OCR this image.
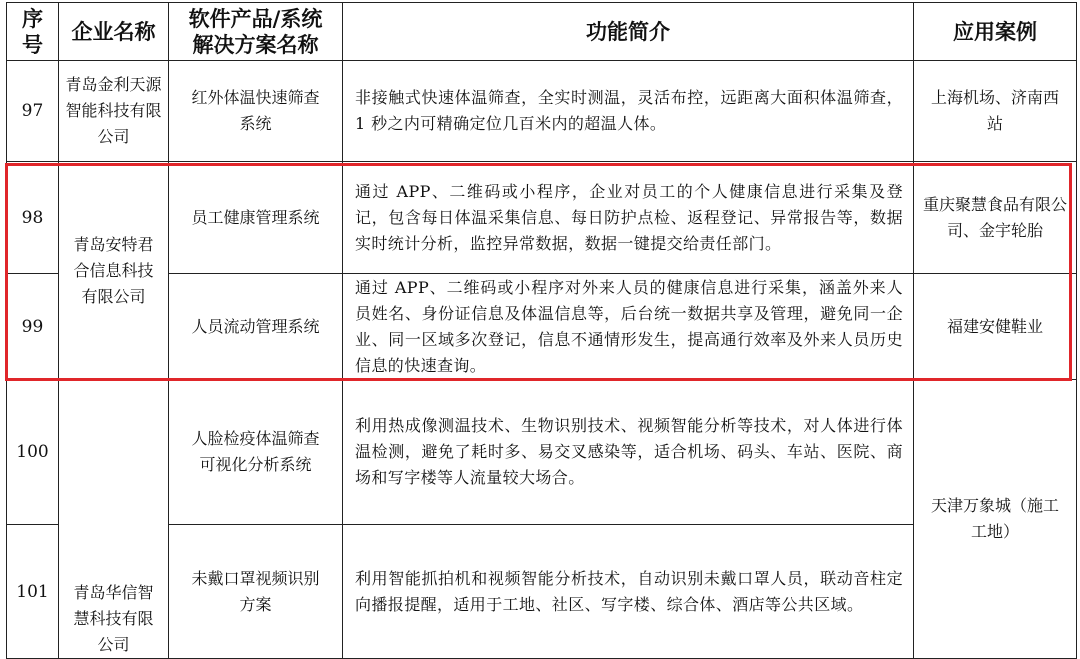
序号	企业名称	软件产品/系统解决方案名称	功能简介	应用案例
97	青岛金利天源智能科技有限公司	红外体温快速筛查系统	非接触式快速体温筛查，全实时测温，灵活布控，远距离大面积体温筛查，1 秒之内可精确定位几百米内的超温人体。	上海机场、济南西站
98	青岛安特君合信息科技有限公司	员工健康管理系统	通过 APP、二维码或小程序，企业对员工的个人健康信息进行采集及登记，包含每日体温采集信息、每日防护点检、返程登记、异常报告等，数据实时统计分析，监控异常数据，数据一键提交给责任部门。	重庆聚慧食品有限公司、金宇轮胎
99		人员流动管理系统	通过 APP、二维码或小程序对外来人员的健康信息进行采集，涵盖外来人员姓名、身份证信息及体温信息等，后台统一数据共享及管理，避免同一企业、同一区域多次登记，信息不通情形发生，提高通行效率及外来人员历史信息的快速查询。	福建安健鞋业
100	青岛华信智慧科技有限公司	人脸检疫体温筛查可视化分析系统	利用热成像测温技术、生物识别技术、视频智能分析等技术，对人体进行体温检测，避免了耗时多、易交叉感染等，适合机场、码头、车站、医院、商场和写字楼等人流量较大场合。	天津万象城（施工工地）
101		未戴口罩视频识别方案	利用智能抓拍机和视频智能分析技术，自动识别未戴口罩人员，联动音柱定向播报提醒，适用于工地、社区、写字楼、综合体、酒店等公共区域。	
